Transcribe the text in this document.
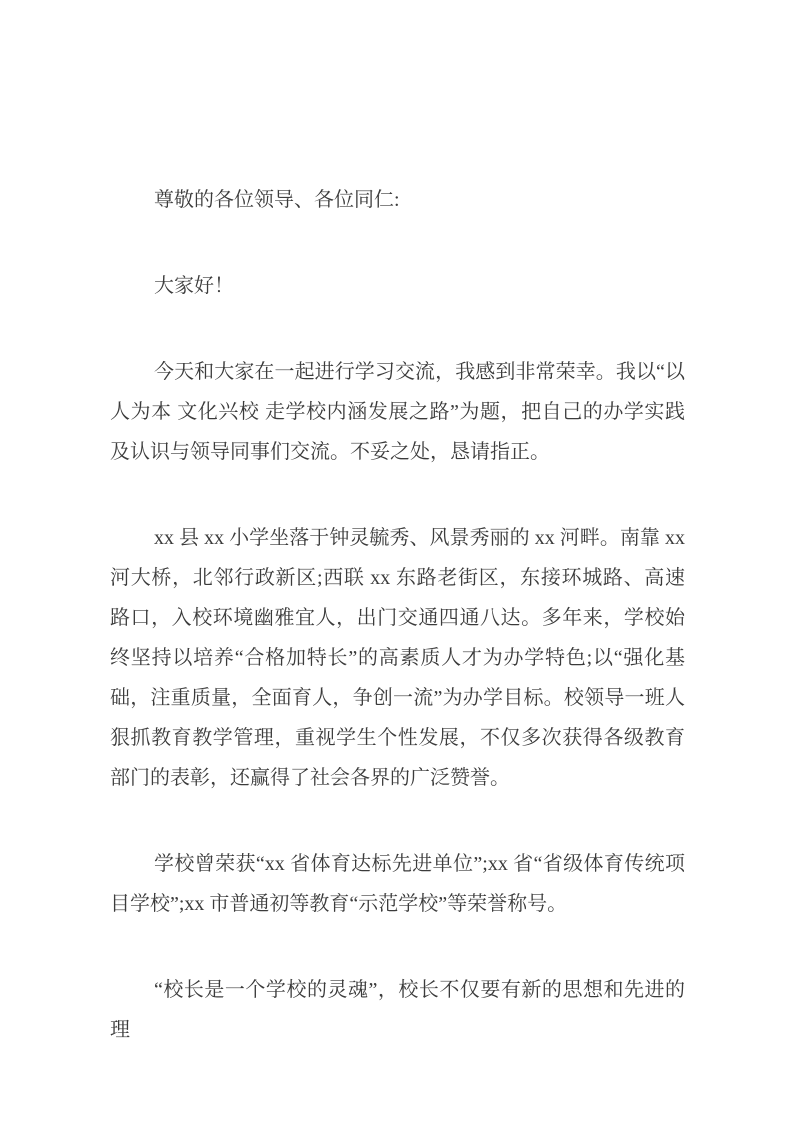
尊敬的各位领导、各位同仁:

大家好！

今天和大家在一起进行学习交流，我感到非常荣幸。我以“以人为本 文化兴校 走学校内涵发展之路”为题，把自己的办学实践及认识与领导同事们交流。不妥之处，恳请指正。

xx 县 xx 小学坐落于钟灵毓秀、风景秀丽的 xx 河畔。南靠 xx 河大桥，北邻行政新区;西联 xx 东路老街区，东接环城路、高速路口，入校环境幽雅宜人，出门交通四通八达。多年来，学校始终坚持以培养“合格加特长”的高素质人才为办学特色;以“强化基础，注重质量，全面育人，争创一流”为办学目标。校领导一班人狠抓教育教学管理，重视学生个性发展，不仅多次获得各级教育部门的表彰，还赢得了社会各界的广泛赞誉。

学校曾荣获“xx 省体育达标先进单位”;xx 省“省级体育传统项目学校”;xx 市普通初等教育“示范学校”等荣誉称号。

“校长是一个学校的灵魂”，校长不仅要有新的思想和先进的理
